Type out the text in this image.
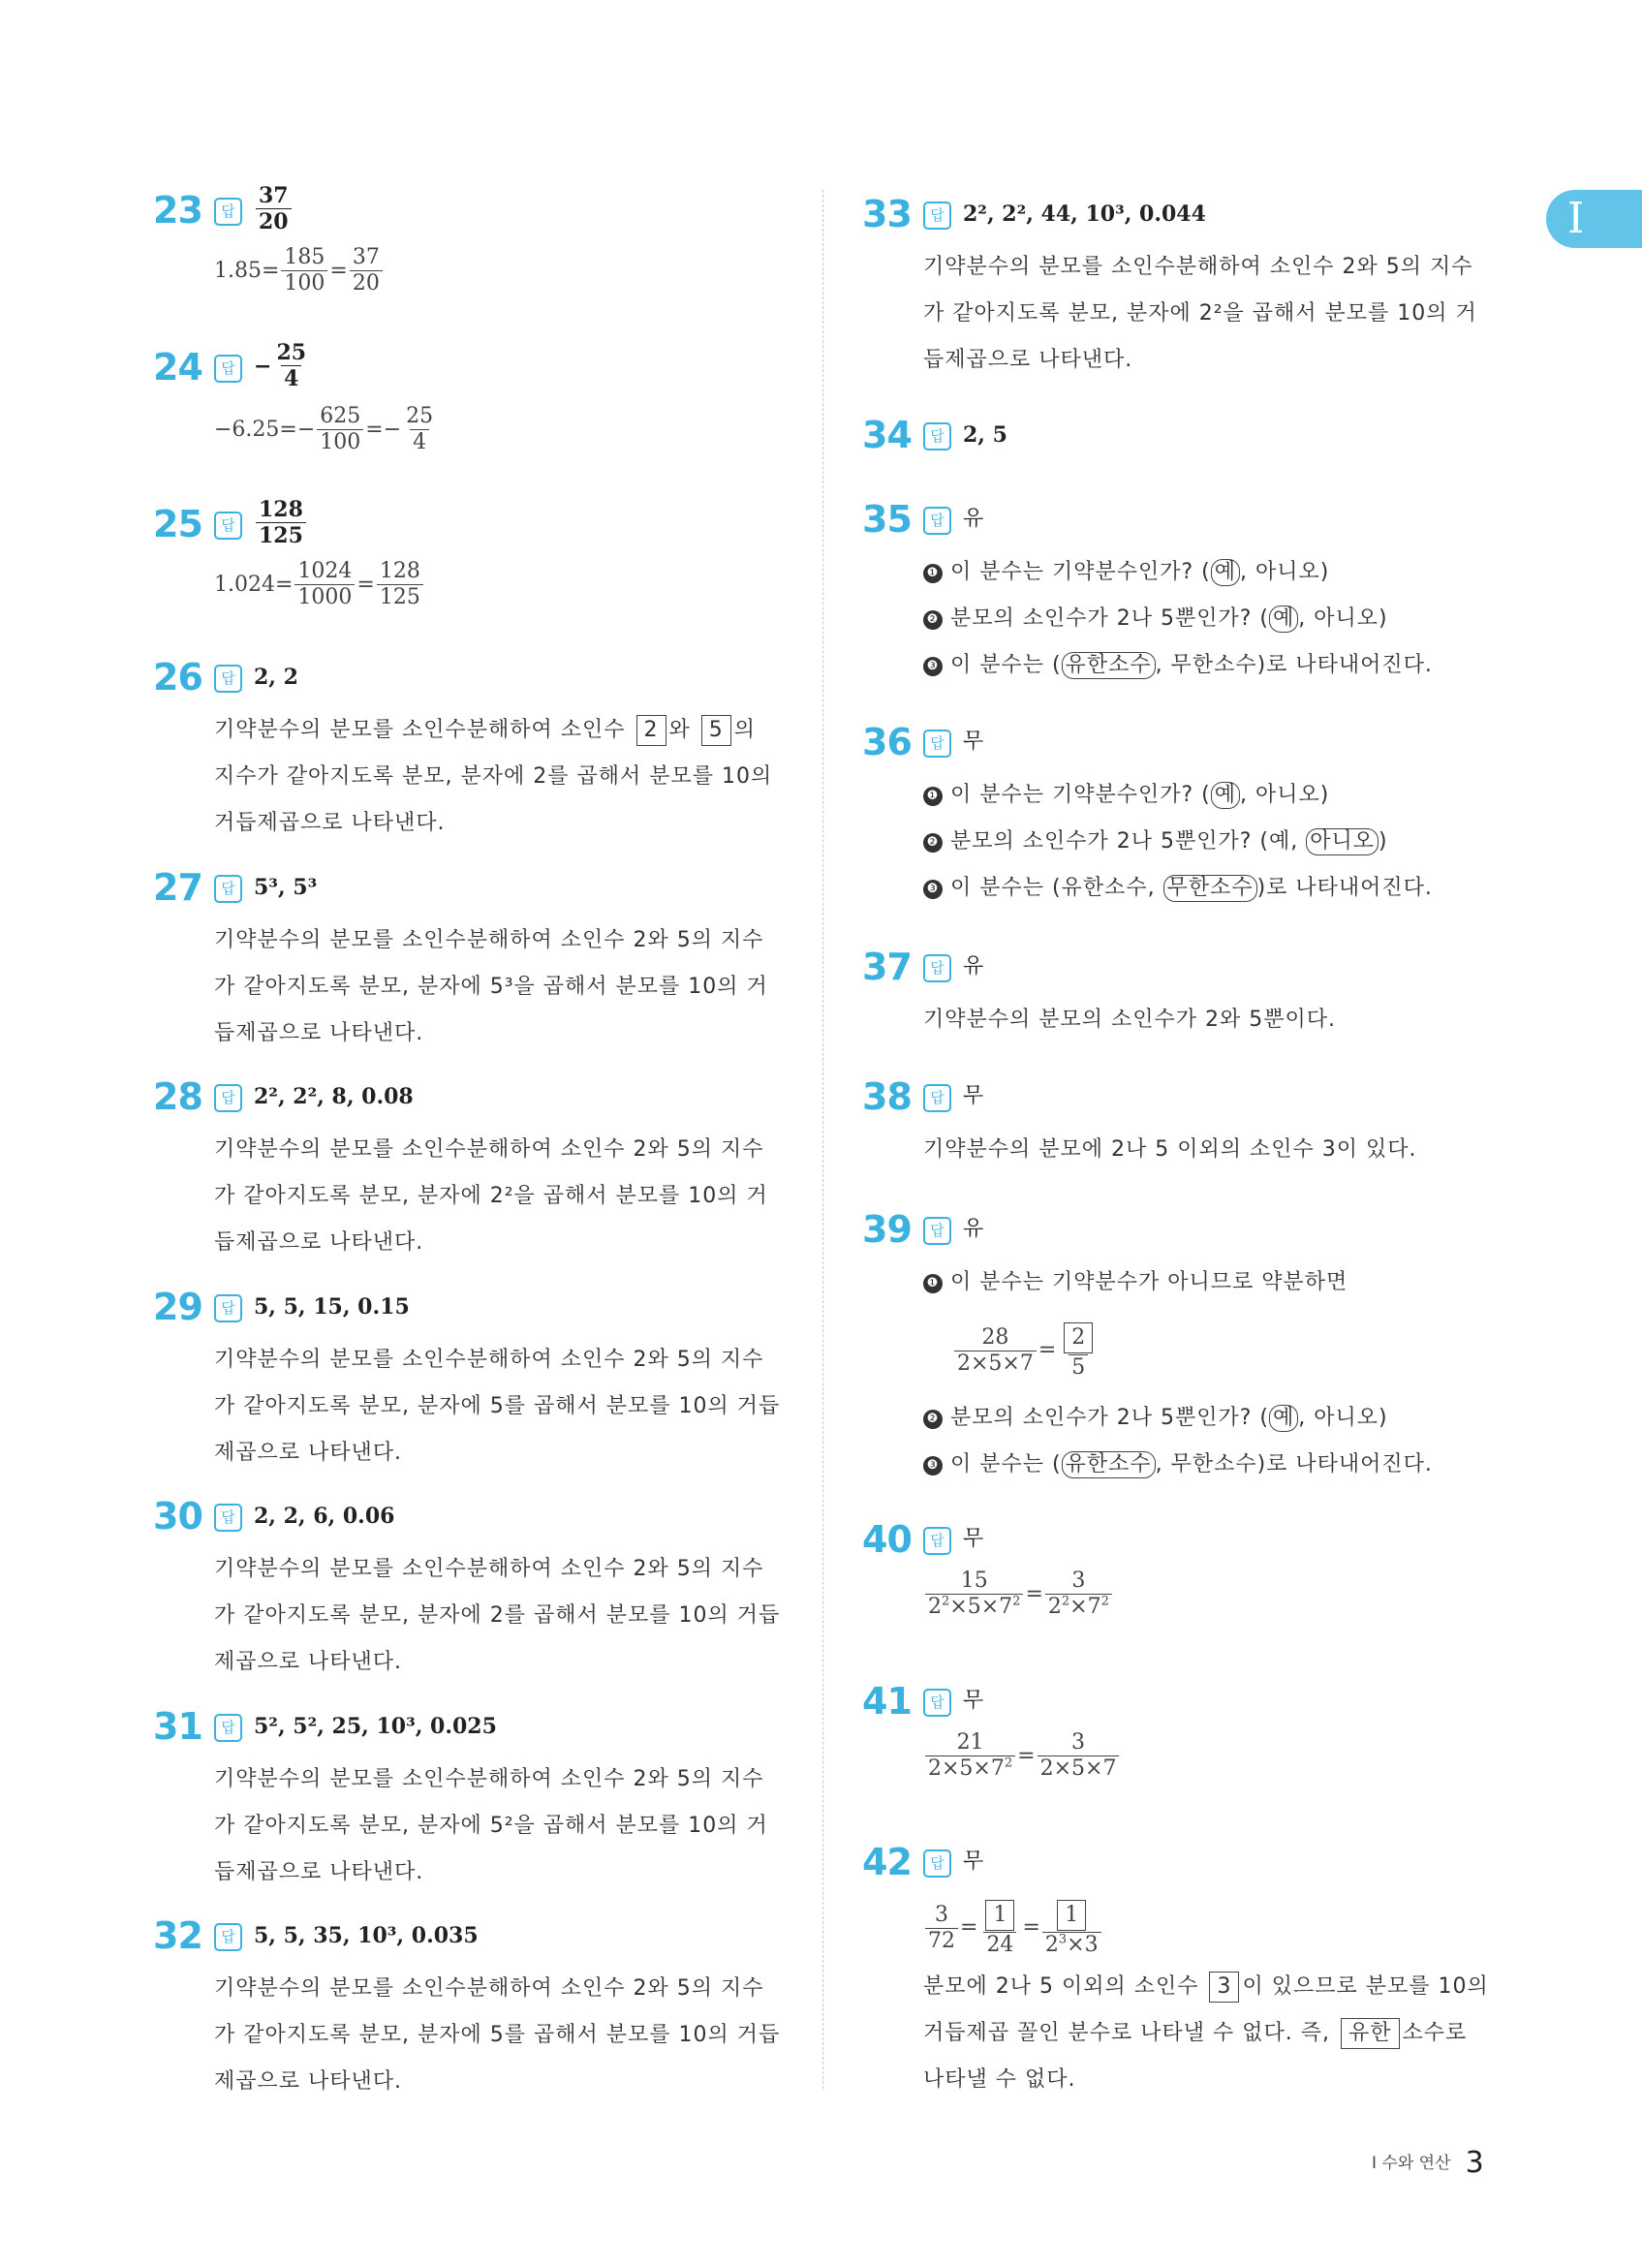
I
23	답 $\frac{37}{20}$
$1.85= \frac{185}{100} = \frac{37}{20}$
24	답 − $\frac{25}{4}$
$-6.25=- \frac{625}{100} =- \frac{25}{4}$
25	답 $\frac{128}{125}$
$1.024= \frac{1024}{1000} = \frac{128}{125}$
26	답 2, 2

기약분수의 분모를 소인수분해하여 소인수 2 와 5 의

지수가 같아지도록 분모, 분자에 2를 곱해서 분모를 10의

거듭제곱으로 나타낸다.

27	답 5³, 5³

기약분수의 분모를 소인수분해하여 소인수 2와 5의 지수

가 같아지도록 분모, 분자에 5³을 곱해서 분모를 10의 거

듭제곱으로 나타낸다.

28	답 2², 2², 8, 0.08

기약분수의 분모를 소인수분해하여 소인수 2와 5의 지수

가 같아지도록 분모, 분자에 2²을 곱해서 분모를 10의 거

듭제곱으로 나타낸다.

29	답 5, 5, 15, 0.15

기약분수의 분모를 소인수분해하여 소인수 2와 5의 지수

가 같아지도록 분모, 분자에 5를 곱해서 분모를 10의 거듭

제곱으로 나타낸다.

30	답 2, 2, 6, 0.06

기약분수의 분모를 소인수분해하여 소인수 2와 5의 지수

가 같아지도록 분모, 분자에 2를 곱해서 분모를 10의 거듭

제곱으로 나타낸다.

31	답 5², 5², 25, 10³, 0.025

기약분수의 분모를 소인수분해하여 소인수 2와 5의 지수

가 같아지도록 분모, 분자에 5²을 곱해서 분모를 10의 거

듭제곱으로 나타낸다.

32	답 5, 5, 35, 10³, 0.035

기약분수의 분모를 소인수분해하여 소인수 2와 5의 지수

가 같아지도록 분모, 분자에 5를 곱해서 분모를 10의 거듭

제곱으로 나타낸다.

33	답 2², 2², 44, 10³, 0.044

기약분수의 분모를 소인수분해하여 소인수 2와 5의 지수

가 같아지도록 분모, 분자에 2²을 곱해서 분모를 10의 거

듭제곱으로 나타낸다.

34	답 2, 5
35	답 유

❶ 이 분수는 기약분수인가? ( 예 , 아니오)

❷ 분모의 소인수가 2나 5뿐인가? ( 예 , 아니오)

❸ 이 분수는 ( 유한소수 , 무한소수)로 나타내어진다.

36	답 무

❶ 이 분수는 기약분수인가? ( 예 , 아니오)

❷ 분모의 소인수가 2나 5뿐인가? (예, 아니오 )

❸ 이 분수는 (유한소수, 무한소수 )로 나타내어진다.

37	답 유

기약분수의 분모의 소인수가 2와 5뿐이다.

38	답 무

기약분수의 분모에 2나 5 이외의 소인수 3이 있다.

39	답 유

❶ 이 분수는 기약분수가 아니므로 약분하면

$\frac{28}{2\times 5\times 7} = \frac{2}{5}$

❷ 분모의 소인수가 2나 5뿐인가? ( 예 , 아니오)

❸ 이 분수는 ( 유한소수 , 무한소수)로 나타내어진다.

40	답 무
$\frac{15}{2^2\times 5\times 7^2} = \frac{3}{2^2\times 7^2}$
41	답 무
$\frac{21}{2\times 5\times 7^2} = \frac{3}{2\times 5\times 7}$
42	답 무
$\frac{3}{72} = \frac{1}{24} = \frac{1}{2^3\times 3}$

분모에 2나 5 이외의 소인수 3 이 있으므로 분모를 10의

거듭제곱 꼴인 분수로 나타낼 수 없다. 즉, 유한 소수로

나타낼 수 없다.

I 수와 연산 3
